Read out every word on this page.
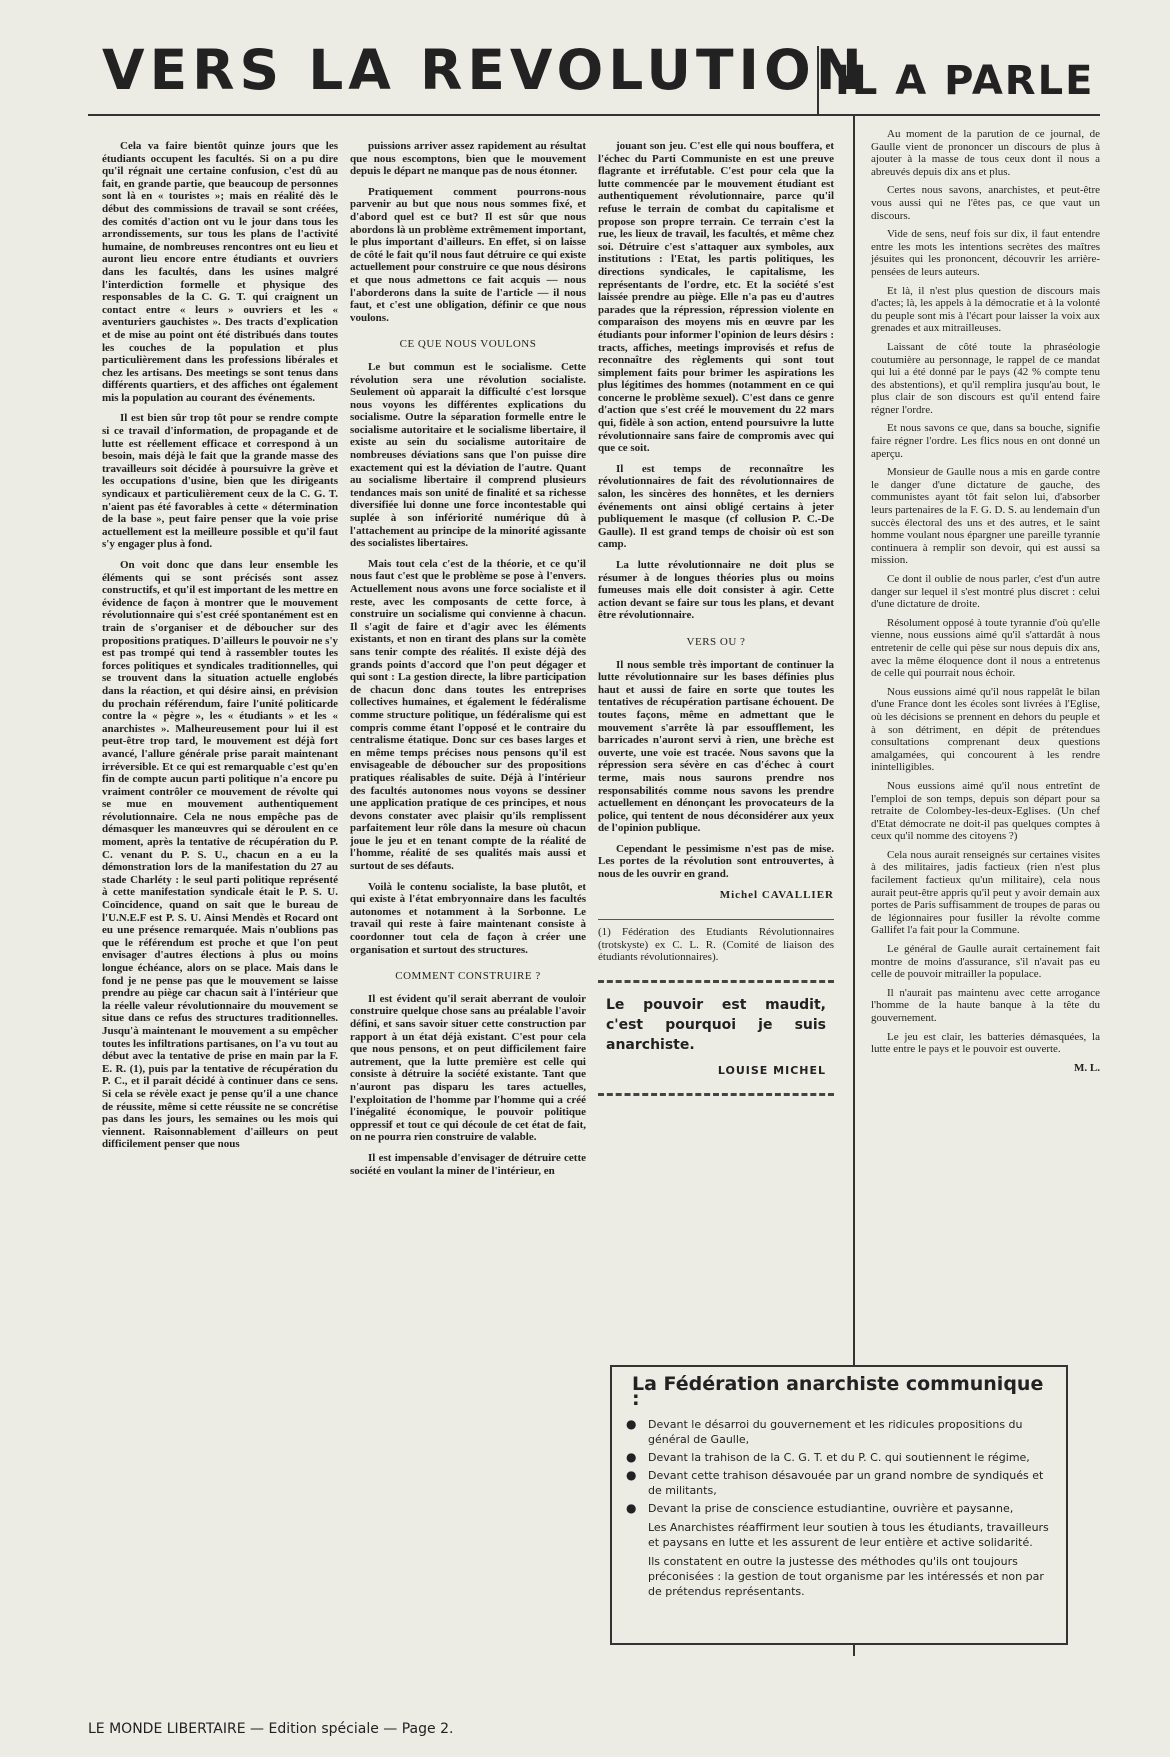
VERS LA REVOLUTION
IL A PARLE

Cela va faire bientôt quinze jours que les étudiants occupent les facultés. Si on a pu dire qu'il régnait une certaine confusion, c'est dû au fait, en grande partie, que beaucoup de personnes sont là en « touristes »; mais en réalité dès le début des commissions de travail se sont créées, des comités d'action ont vu le jour dans tous les arrondissements, sur tous les plans de l'activité humaine, de nombreuses rencontres ont eu lieu et auront lieu encore entre étudiants et ouvriers dans les facultés, dans les usines malgré l'interdiction formelle et physique des responsables de la C. G. T. qui craignent un contact entre « leurs » ouvriers et les « aventuriers gauchistes ». Des tracts d'explication et de mise au point ont été distribués dans toutes les couches de la population et plus particulièrement dans les professions libérales et chez les artisans. Des meetings se sont tenus dans différents quartiers, et des affiches ont également mis la population au courant des événements.

Il est bien sûr trop tôt pour se rendre compte si ce travail d'information, de propagande et de lutte est réellement efficace et correspond à un besoin, mais déjà le fait que la grande masse des travailleurs soit décidée à poursuivre la grève et les occupations d'usine, bien que les dirigeants syndicaux et particulièrement ceux de la C. G. T. n'aient pas été favorables à cette « détermination de la base », peut faire penser que la voie prise actuellement est la meilleure possible et qu'il faut s'y engager plus à fond.

On voit donc que dans leur ensemble les éléments qui se sont précisés sont assez constructifs, et qu'il est important de les mettre en évidence de façon à montrer que le mouvement révolutionnaire qui s'est créé spontanément est en train de s'organiser et de déboucher sur des propositions pratiques. D'ailleurs le pouvoir ne s'y est pas trompé qui tend à rassembler toutes les forces politiques et syndicales traditionnelles, qui se trouvent dans la situation actuelle englobés dans la réaction, et qui désire ainsi, en prévision du prochain référendum, faire l'unité politicarde contre la « pègre », les « étudiants » et les « anarchistes ». Malheureusement pour lui il est peut-être trop tard, le mouvement est déjà fort avancé, l'allure générale prise parait maintenant irréversible. Et ce qui est remarquable c'est qu'en fin de compte aucun parti politique n'a encore pu vraiment contrôler ce mouvement de révolte qui se mue en mouvement authentiquement révolutionnaire. Cela ne nous empêche pas de démasquer les manœuvres qui se déroulent en ce moment, après la tentative de récupération du P. C. venant du P. S. U., chacun en a eu la démonstration lors de la manifestation du 27 au stade Charléty : le seul parti politique représenté à cette manifestation syndicale était le P. S. U. Coïncidence, quand on sait que le bureau de l'U.N.E.F est P. S. U. Ainsi Mendès et Rocard ont eu une présence remarquée. Mais n'oublions pas que le référendum est proche et que l'on peut envisager d'autres élections à plus ou moins longue échéance, alors on se place. Mais dans le fond je ne pense pas que le mouvement se laisse prendre au piège car chacun sait à l'intérieur que la réelle valeur révolutionnaire du mouvement se situe dans ce refus des structures traditionnelles. Jusqu'à maintenant le mouvement a su empêcher toutes les infiltrations partisanes, on l'a vu tout au début avec la tentative de prise en main par la F. E. R. (1), puis par la tentative de récupération du P. C., et il parait décidé à continuer dans ce sens. Si cela se révèle exact je pense qu'il a une chance de réussite, même si cette réussite ne se concrétise pas dans les jours, les semaines ou les mois qui viennent. Raisonnablement d'ailleurs on peut difficilement penser que nous

puissions arriver assez rapidement au résultat que nous escomptons, bien que le mouvement depuis le départ ne manque pas de nous étonner.

Pratiquement comment pourrons-nous parvenir au but que nous nous sommes fixé, et d'abord quel est ce but? Il est sûr que nous abordons là un problème extrêmement important, le plus important d'ailleurs. En effet, si on laisse de côté le fait qu'il nous faut détruire ce qui existe actuellement pour construire ce que nous désirons et que nous admettons ce fait acquis — nous l'aborderons dans la suite de l'article — il nous faut, et c'est une obligation, définir ce que nous voulons.

CE QUE NOUS VOULONS

Le but commun est le socialisme. Cette révolution sera une révolution socialiste. Seulement où apparait la difficulté c'est lorsque nous voyons les différentes explications du socialisme. Outre la séparation formelle entre le socialisme autoritaire et le socialisme libertaire, il existe au sein du socialisme autoritaire de nombreuses déviations sans que l'on puisse dire exactement qui est la déviation de l'autre. Quant au socialisme libertaire il comprend plusieurs tendances mais son unité de finalité et sa richesse diversifiée lui donne une force incontestable qui suplée à son infériorité numérique dû à l'attachement au principe de la minorité agissante des socialistes libertaires.

Mais tout cela c'est de la théorie, et ce qu'il nous faut c'est que le problème se pose à l'envers. Actuellement nous avons une force socialiste et il reste, avec les composants de cette force, à construire un socialisme qui convienne à chacun. Il s'agit de faire et d'agir avec les éléments existants, et non en tirant des plans sur la comète sans tenir compte des réalités. Il existe déjà des grands points d'accord que l'on peut dégager et qui sont : La gestion directe, la libre participation de chacun donc dans toutes les entreprises collectives humaines, et également le fédéralisme comme structure politique, un fédéralisme qui est compris comme étant l'opposé et le contraire du centralisme étatique. Donc sur ces bases larges et en même temps précises nous pensons qu'il est envisageable de déboucher sur des propositions pratiques réalisables de suite. Déjà à l'intérieur des facultés autonomes nous voyons se dessiner une application pratique de ces principes, et nous devons constater avec plaisir qu'ils remplissent parfaitement leur rôle dans la mesure où chacun joue le jeu et en tenant compte de la réalité de l'homme, réalité de ses qualités mais aussi et surtout de ses défauts.

Voilà le contenu socialiste, la base plutôt, et qui existe à l'état embryonnaire dans les facultés autonomes et notamment à la Sorbonne. Le travail qui reste à faire maintenant consiste à coordonner tout cela de façon à créer une organisation et surtout des structures.

COMMENT CONSTRUIRE ?

Il est évident qu'il serait aberrant de vouloir construire quelque chose sans au préalable l'avoir défini, et sans savoir situer cette construction par rapport à un état déjà existant. C'est pour cela que nous pensons, et on peut difficilement faire autrement, que la lutte première est celle qui consiste à détruire la société existante. Tant que n'auront pas disparu les tares actuelles, l'exploitation de l'homme par l'homme qui a créé l'inégalité économique, le pouvoir politique oppressif et tout ce qui découle de cet état de fait, on ne pourra rien construire de valable.

Il est impensable d'envisager de détruire cette société en voulant la miner de l'intérieur, en

jouant son jeu. C'est elle qui nous bouffera, et l'échec du Parti Communiste en est une preuve flagrante et irréfutable. C'est pour cela que la lutte commencée par le mouvement étudiant est authentiquement révolutionnaire, parce qu'il refuse le terrain de combat du capitalisme et propose son propre terrain. Ce terrain c'est la rue, les lieux de travail, les facultés, et même chez soi. Détruire c'est s'attaquer aux symboles, aux institutions : l'Etat, les partis politiques, les directions syndicales, le capitalisme, les représentants de l'ordre, etc. Et la société s'est laissée prendre au piège. Elle n'a pas eu d'autres parades que la répression, répression violente en comparaison des moyens mis en œuvre par les étudiants pour informer l'opinion de leurs désirs : tracts, affiches, meetings improvisés et refus de reconnaître des règlements qui sont tout simplement faits pour brimer les aspirations les plus légitimes des hommes (notamment en ce qui concerne le problème sexuel). C'est dans ce genre d'action que s'est créé le mouvement du 22 mars qui, fidèle à son action, entend poursuivre la lutte révolutionnaire sans faire de compromis avec qui que ce soit.

Il est temps de reconnaître les révolutionnaires de fait des révolutionnaires de salon, les sincères des honnêtes, et les derniers événements ont ainsi obligé certains à jeter publiquement le masque (cf collusion P. C.-De Gaulle). Il est grand temps de choisir où est son camp.

La lutte révolutionnaire ne doit plus se résumer à de longues théories plus ou moins fumeuses mais elle doit consister à agir. Cette action devant se faire sur tous les plans, et devant être révolutionnaire.

VERS OU ?

Il nous semble très important de continuer la lutte révolutionnaire sur les bases définies plus haut et aussi de faire en sorte que toutes les tentatives de récupération partisane échouent. De toutes façons, même en admettant que le mouvement s'arrête là par essoufflement, les barricades n'auront servi à rien, une brèche est ouverte, une voie est tracée. Nous savons que la répression sera sévère en cas d'échec à court terme, mais nous saurons prendre nos responsabilités comme nous savons les prendre actuellement en dénonçant les provocateurs de la police, qui tentent de nous déconsidérer aux yeux de l'opinion publique.

Cependant le pessimisme n'est pas de mise. Les portes de la révolution sont entrouvertes, à nous de les ouvrir en grand.

Michel CAVALLIER
(1) Fédération des Etudiants Révolutionnaires (trotskyste) ex C. L. R. (Comité de liaison des étudiants révolutionnaires).
Le pouvoir est maudit, c'est pourquoi je suis anarchiste.
LOUISE MICHEL

Au moment de la parution de ce journal, de Gaulle vient de prononcer un discours de plus à ajouter à la masse de tous ceux dont il nous a abreuvés depuis dix ans et plus.

Certes nous savons, anarchistes, et peut-être vous aussi qui ne l'êtes pas, ce que vaut un discours.

Vide de sens, neuf fois sur dix, il faut entendre entre les mots les intentions secrètes des maîtres jésuites qui les prononcent, découvrir les arrière-pensées de leurs auteurs.

Et là, il n'est plus question de discours mais d'actes; là, les appels à la démocratie et à la volonté du peuple sont mis à l'écart pour laisser la voix aux grenades et aux mitrailleuses.

Laissant de côté toute la phraséologie coutumière au personnage, le rappel de ce mandat qui lui a été donné par le pays (42 % compte tenu des abstentions), et qu'il remplira jusqu'au bout, le plus clair de son discours est qu'il entend faire régner l'ordre.

Et nous savons ce que, dans sa bouche, signifie faire régner l'ordre. Les flics nous en ont donné un aperçu.

Monsieur de Gaulle nous a mis en garde contre le danger d'une dictature de gauche, des communistes ayant tôt fait selon lui, d'absorber leurs partenaires de la F. G. D. S. au lendemain d'un succès électoral des uns et des autres, et le saint homme voulant nous épargner une pareille tyrannie continuera à remplir son devoir, qui est aussi sa mission.

Ce dont il oublie de nous parler, c'est d'un autre danger sur lequel il s'est montré plus discret : celui d'une dictature de droite.

Résolument opposé à toute tyrannie d'où qu'elle vienne, nous eussions aimé qu'il s'attardât à nous entretenir de celle qui pèse sur nous depuis dix ans, avec la même éloquence dont il nous a entretenus de celle qui pourrait nous échoir.

Nous eussions aimé qu'il nous rappelât le bilan d'une France dont les écoles sont livrées à l'Eglise, où les décisions se prennent en dehors du peuple et à son détriment, en dépit de prétendues consultations comprenant deux questions amalgamées, qui concourent à les rendre inintelligibles.

Nous eussions aimé qu'il nous entretînt de l'emploi de son temps, depuis son départ pour sa retraite de Colombey-les-deux-Eglises. (Un chef d'Etat démocrate ne doit-il pas quelques comptes à ceux qu'il nomme des citoyens ?)

Cela nous aurait renseignés sur certaines visites à des militaires, jadis factieux (rien n'est plus facilement factieux qu'un militaire), cela nous aurait peut-être appris qu'il peut y avoir demain aux portes de Paris suffisamment de troupes de paras ou de légionnaires pour fusiller la révolte comme Gallifet l'a fait pour la Commune.

Le général de Gaulle aurait certainement fait montre de moins d'assurance, s'il n'avait pas eu celle de pouvoir mitrailler la populace.

Il n'aurait pas maintenu avec cette arrogance l'homme de la haute banque à la tête du gouvernement.

Le jeu est clair, les batteries démasquées, la lutte entre le pays et le pouvoir est ouverte.

M. L.
La Fédération anarchiste communique :
● Devant le désarroi du gouvernement et les ridicules propositions du général de Gaulle,
● Devant la trahison de la C. G. T. et du P. C. qui soutiennent le régime,
● Devant cette trahison désavouée par un grand nombre de syndiqués et de militants,
● Devant la prise de conscience estudiantine, ouvrière et paysanne,
Les Anarchistes réaffirment leur soutien à tous les étudiants, travailleurs et paysans en lutte et les assurent de leur entière et active solidarité.
Ils constatent en outre la justesse des méthodes qu'ils ont toujours préconisées : la gestion de tout organisme par les intéressés et non par de prétendus représentants.
LE MONDE LIBERTAIRE — Edition spéciale — Page 2.
